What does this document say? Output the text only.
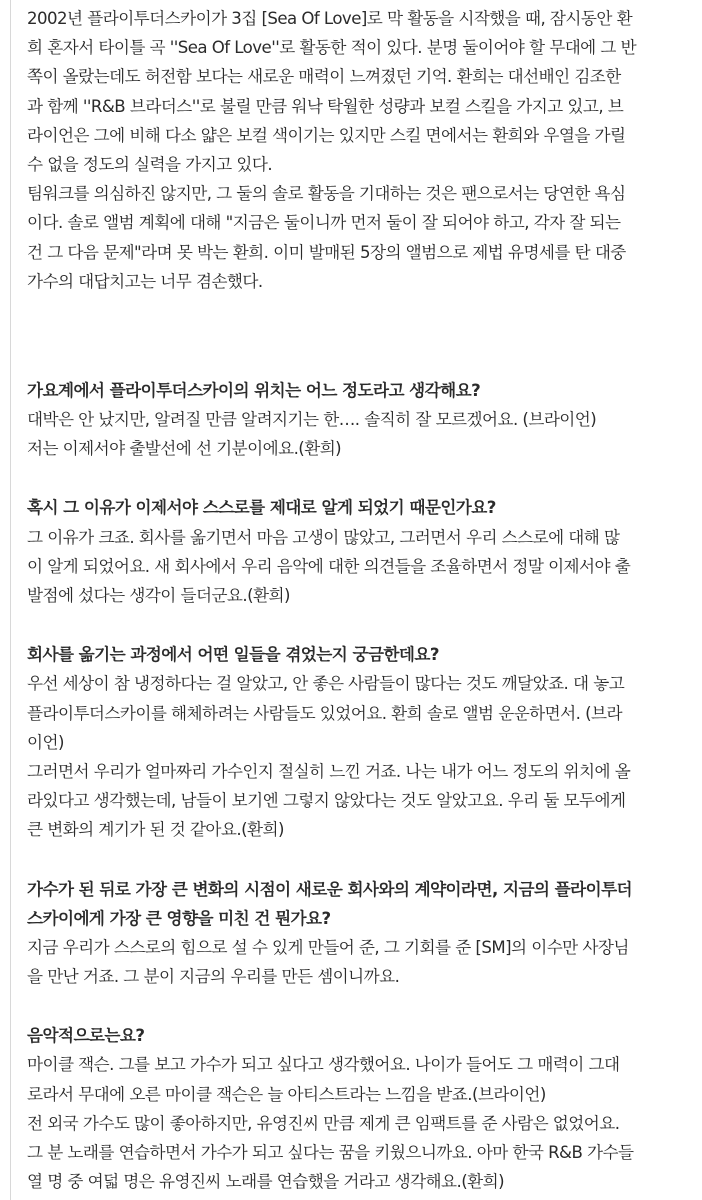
2002년 플라이투더스카이가 3집 [Sea Of Love]로 막 활동을 시작했을 때, 잠시동안 환
희 혼자서 타이틀 곡 ''Sea Of Love''로 활동한 적이 있다. 분명 둘이어야 할 무대에 그 반
쪽이 올랐는데도 허전함 보다는 새로운 매력이 느껴졌던 기억. 환희는 대선배인 김조한
과 함께 ''R&B 브라더스''로 불릴 만큼 워낙 탁월한 성량과 보컬 스킬을 가지고 있고, 브
라이언은 그에 비해 다소 얇은 보컬 색이기는 있지만 스킬 면에서는 환희와 우열을 가릴
수 없을 정도의 실력을 가지고 있다.
팀워크를 의심하진 않지만, 그 둘의 솔로 활동을 기대하는 것은 팬으로서는 당연한 욕심
이다. 솔로 앨범 계획에 대해 "지금은 둘이니까 먼저 둘이 잘 되어야 하고, 각자 잘 되는
건 그 다음 문제"라며 못 박는 환희. 이미 발매된 5장의 앨범으로 제법 유명세를 탄 대중
가수의 대답치고는 너무 겸손했다.
가요계에서 플라이투더스카이의 위치는 어느 정도라고 생각해요?
대박은 안 났지만, 알려질 만큼 알려지기는 한…. 솔직히 잘 모르겠어요. (브라이언)
저는 이제서야 출발선에 선 기분이에요.(환희)
혹시 그 이유가 이제서야 스스로를 제대로 알게 되었기 때문인가요?
그 이유가 크죠. 회사를 옮기면서 마음 고생이 많았고, 그러면서 우리 스스로에 대해 많
이 알게 되었어요. 새 회사에서 우리 음악에 대한 의견들을 조율하면서 정말 이제서야 출
발점에 섰다는 생각이 들더군요.(환희)
회사를 옮기는 과정에서 어떤 일들을 겪었는지 궁금한데요?
우선 세상이 참 냉정하다는 걸 알았고, 안 좋은 사람들이 많다는 것도 깨달았죠. 대 놓고
플라이투더스카이를 해체하려는 사람들도 있었어요. 환희 솔로 앨범 운운하면서. (브라
이언)
그러면서 우리가 얼마짜리 가수인지 절실히 느낀 거죠. 나는 내가 어느 정도의 위치에 올
라있다고 생각했는데, 남들이 보기엔 그렇지 않았다는 것도 알았고요. 우리 둘 모두에게
큰 변화의 계기가 된 것 같아요.(환희)
가수가 된 뒤로 가장 큰 변화의 시점이 새로운 회사와의 계약이라면, 지금의 플라이투더
스카이에게 가장 큰 영향을 미친 건 뭔가요?
지금 우리가 스스로의 힘으로 설 수 있게 만들어 준, 그 기회를 준 [SM]의 이수만 사장님
을 만난 거죠. 그 분이 지금의 우리를 만든 셈이니까요.
음악적으로는요?
마이클 잭슨. 그를 보고 가수가 되고 싶다고 생각했어요. 나이가 들어도 그 매력이 그대
로라서 무대에 오른 마이클 잭슨은 늘 아티스트라는 느낌을 받죠.(브라이언)
전 외국 가수도 많이 좋아하지만, 유영진씨 만큼 제게 큰 임팩트를 준 사람은 없었어요.
그 분 노래를 연습하면서 가수가 되고 싶다는 꿈을 키웠으니까요. 아마 한국 R&B 가수들
열 명 중 여덟 명은 유영진씨 노래를 연습했을 거라고 생각해요.(환희)
